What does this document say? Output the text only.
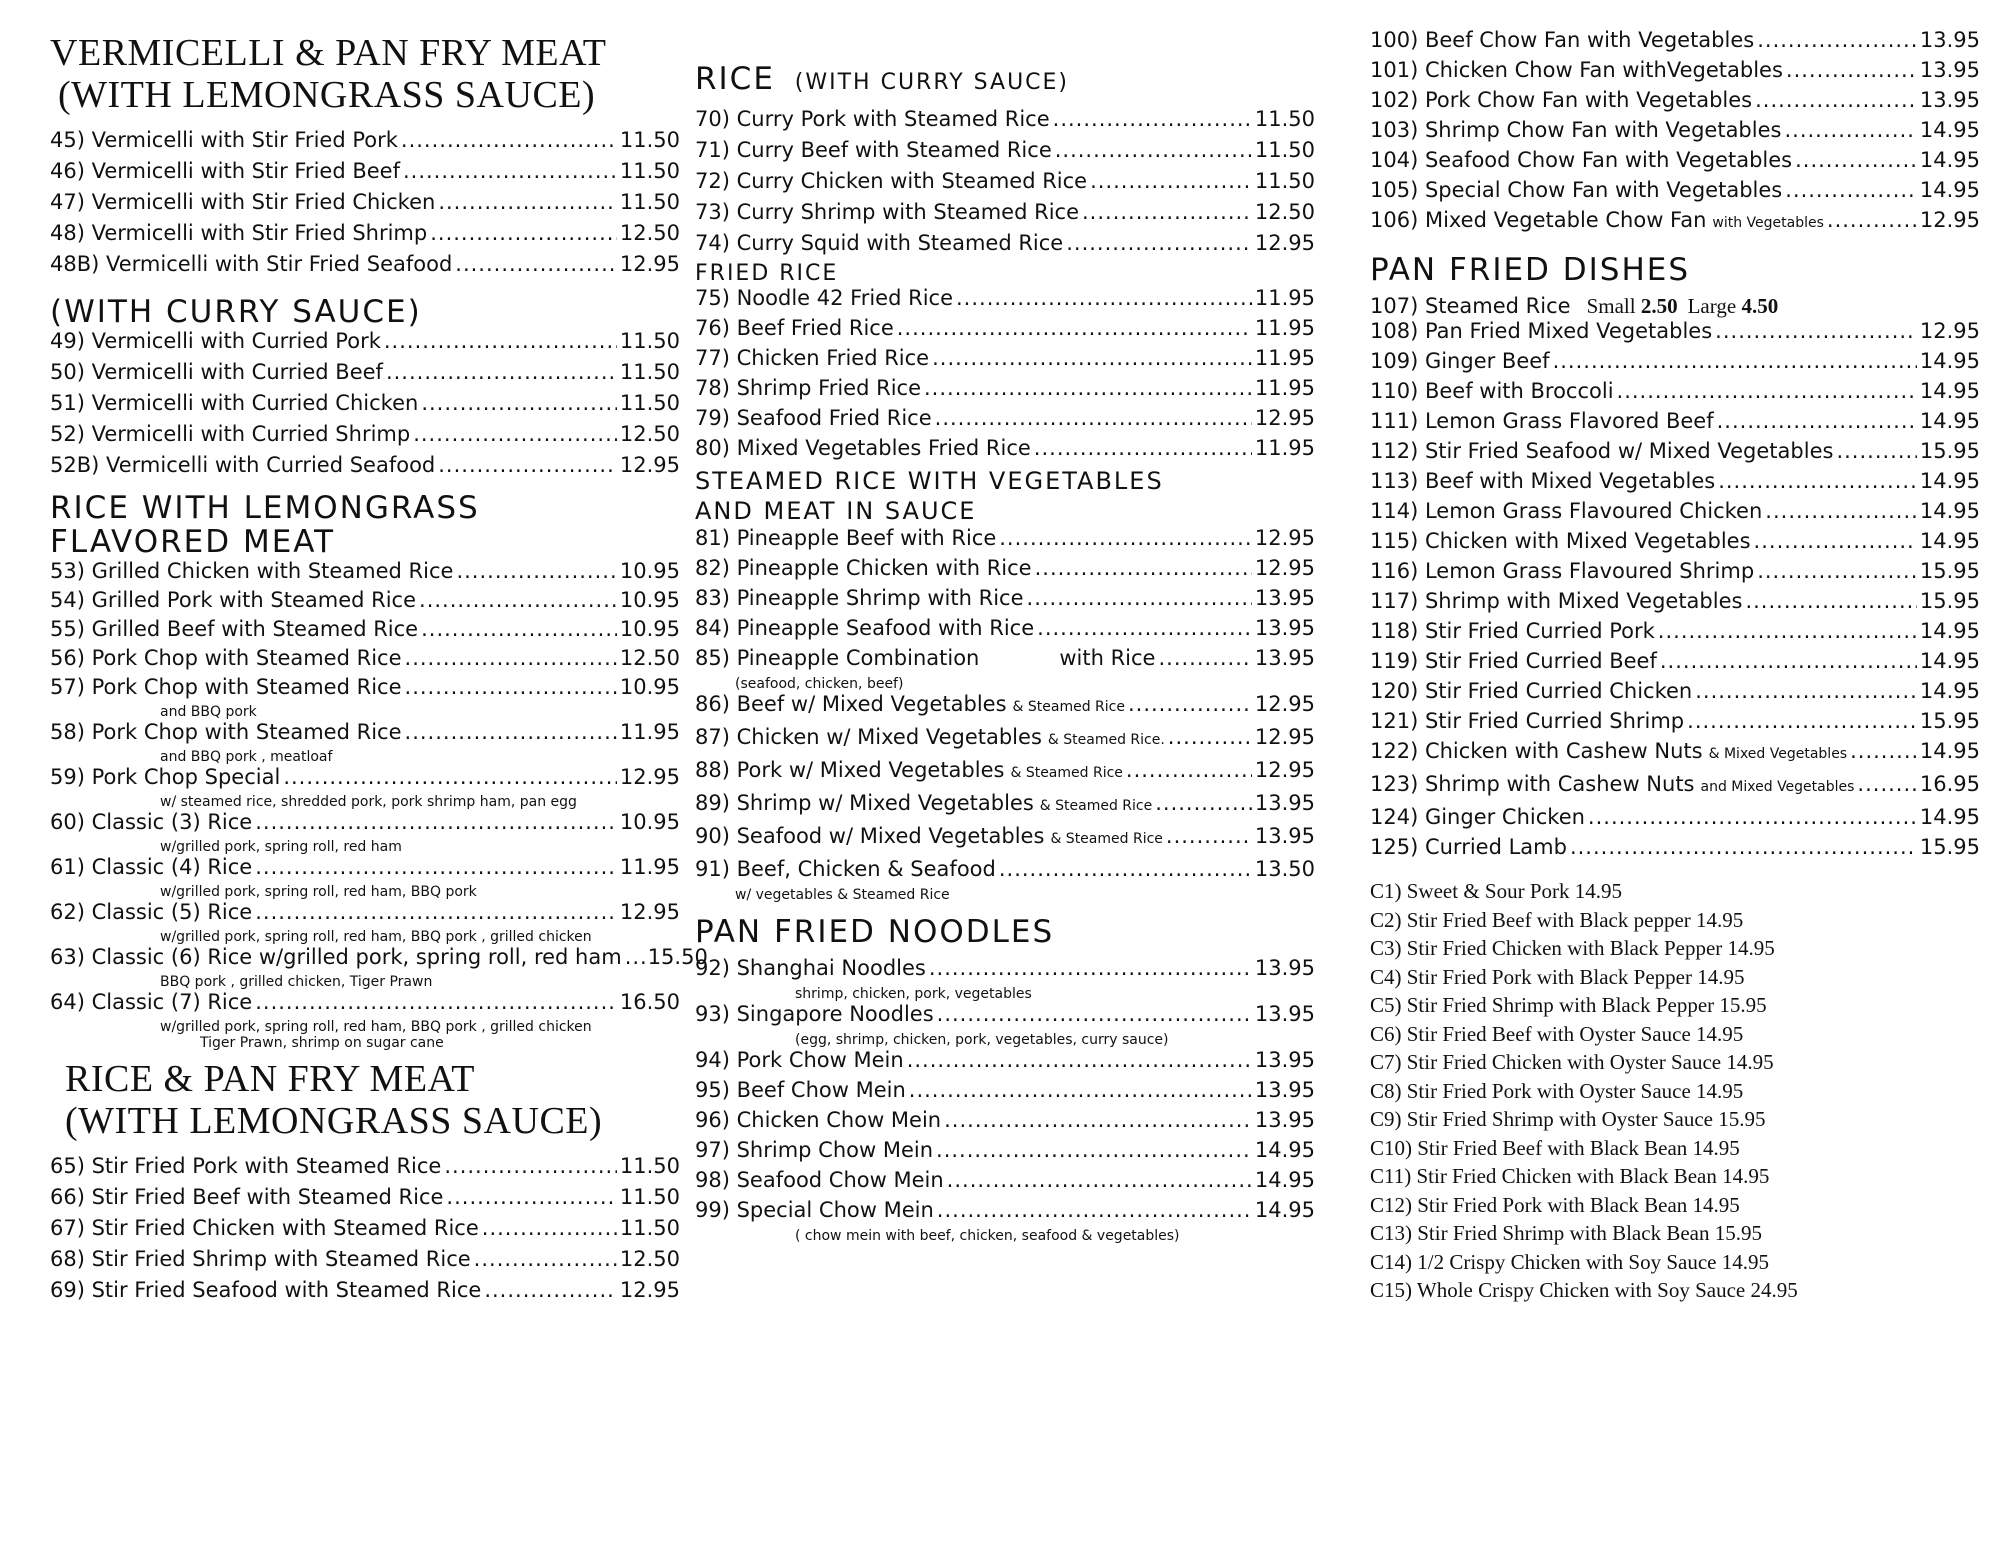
VERMICELLI & PAN FRY MEAT
(WITH LEMONGRASS SAUCE)
45) Vermicelli with Stir Fried Pork .....	11.50
46) Vermicelli with Stir Fried Beef .....	11.50
47) Vermicelli with Stir Fried Chicken .....	11.50
48) Vermicelli with Stir Fried Shrimp .....	12.50
48B) Vermicelli with Stir Fried Seafood .....	12.95
(WITH CURRY SAUCE)
49) Vermicelli with Curried Pork .....	11.50
50) Vermicelli with Curried Beef .....	11.50
51) Vermicelli with Curried Chicken .....	11.50
52) Vermicelli with Curried Shrimp .....	12.50
52B) Vermicelli with Curried Seafood .....	12.95
RICE WITH LEMONGRASS
FLAVORED MEAT
53) Grilled Chicken with Steamed Rice .....	10.95
54) Grilled Pork with Steamed Rice .....	10.95
55) Grilled Beef with Steamed Rice .....	10.95
56) Pork Chop with Steamed Rice .....	12.50
57) Pork Chop with Steamed Rice .....	10.95
and BBQ pork
58) Pork Chop with Steamed Rice .....	11.95
and BBQ pork , meatloaf
59) Pork Chop Special .....	12.95
w/ steamed rice, shredded pork, pork shrimp ham, pan egg
60) Classic (3) Rice .....	10.95
w/grilled pork, spring roll, red ham
61) Classic (4) Rice .....	11.95
w/grilled pork, spring roll, red ham, BBQ pork
62) Classic (5) Rice .....	12.95
w/grilled pork, spring roll, red ham, BBQ pork , grilled chicken
63) Classic (6) Rice w/grilled pork, spring roll, red ham ..... 15.50
BBQ pork , grilled chicken, Tiger Prawn
64) Classic (7) Rice .....	16.50
w/grilled pork, spring roll, red ham, BBQ pork , grilled chicken
Tiger Prawn, shrimp on sugar cane
RICE & PAN FRY MEAT
(WITH LEMONGRASS SAUCE)
65) Stir Fried Pork with Steamed Rice .....	11.50
66) Stir Fried Beef with Steamed Rice .....	11.50
67) Stir Fried Chicken with Steamed Rice .....	11.50
68) Stir Fried Shrimp with Steamed Rice .....	12.50
69) Stir Fried Seafood with Steamed Rice .....	12.95
RICE (WITH CURRY SAUCE)
70) Curry Pork with Steamed Rice .....	11.50
71) Curry Beef with Steamed Rice .....	11.50
72) Curry Chicken with Steamed Rice .....	11.50
73) Curry Shrimp with Steamed Rice .....	12.50
74) Curry Squid with Steamed Rice .....	12.95
FRIED RICE
75) Noodle 42 Fried Rice .....	11.95
76) Beef Fried Rice .....	11.95
77) Chicken Fried Rice .....	11.95
78) Shrimp Fried Rice .....	11.95
79) Seafood Fried Rice .....	12.95
80) Mixed Vegetables Fried Rice .....	11.95
STEAMED RICE WITH VEGETABLES
AND MEAT IN SAUCE
81) Pineapple Beef with Rice .....	12.95
82) Pineapple Chicken with Rice .....	12.95
83) Pineapple Shrimp with Rice .....	13.95
84) Pineapple Seafood with Rice .....	13.95
85) Pineapple Combination	with Rice .....	13.95
(seafood, chicken, beef)
86) Beef w/ Mixed Vegetables & Steamed Rice .....	12.95
87) Chicken w/ Mixed Vegetables & Steamed Rice. .....	12.95
88) Pork w/ Mixed Vegetables & Steamed Rice .....	12.95
89) Shrimp w/ Mixed Vegetables & Steamed Rice .....	13.95
90) Seafood w/ Mixed Vegetables & Steamed Rice .....	13.95
91) Beef, Chicken & Seafood .....	13.50
w/ vegetables & Steamed Rice
PAN FRIED NOODLES
92) Shanghai Noodles .....	13.95
shrimp, chicken, pork, vegetables
93) Singapore Noodles .....	13.95
(egg, shrimp, chicken, pork, vegetables, curry sauce)
94) Pork Chow Mein .....	13.95
95) Beef Chow Mein .....	13.95
96) Chicken Chow Mein .....	13.95
97) Shrimp Chow Mein .....	14.95
98) Seafood Chow Mein .....	14.95
99) Special Chow Mein .....	14.95
( chow mein with beef, chicken, seafood & vegetables)
100) Beef Chow Fan with Vegetables .....	13.95
101) Chicken Chow Fan withVegetables .....	13.95
102) Pork Chow Fan with Vegetables .....	13.95
103) Shrimp Chow Fan with Vegetables .....	14.95
104) Seafood Chow Fan with Vegetables .....	14.95
105) Special Chow Fan with Vegetables .....	14.95
106) Mixed Vegetable Chow Fan with Vegetables .....	12.95
PAN FRIED DISHES
107) Steamed Rice Small 2.50 Large 4.50
108) Pan Fried Mixed Vegetables .....	12.95
109) Ginger Beef .....	14.95
110) Beef with Broccoli .....	14.95
111) Lemon Grass Flavored Beef .....	14.95
112) Stir Fried Seafood w/ Mixed Vegetables .....	15.95
113) Beef with Mixed Vegetables .....	14.95
114) Lemon Grass Flavoured Chicken .....	14.95
115) Chicken with Mixed Vegetables .....	14.95
116) Lemon Grass Flavoured Shrimp .....	15.95
117) Shrimp with Mixed Vegetables .....	15.95
118) Stir Fried Curried Pork .....	14.95
119) Stir Fried Curried Beef .....	14.95
120) Stir Fried Curried Chicken .....	14.95
121) Stir Fried Curried Shrimp .....	15.95
122) Chicken with Cashew Nuts & Mixed Vegetables .....	14.95
123) Shrimp with Cashew Nuts and Mixed Vegetables .....	16.95
124) Ginger Chicken .....	14.95
125) Curried Lamb .....	15.95
C1) Sweet & Sour Pork 14.95
C2) Stir Fried Beef with Black pepper 14.95
C3) Stir Fried Chicken with Black Pepper 14.95
C4) Stir Fried Pork with Black Pepper 14.95
C5) Stir Fried Shrimp with Black Pepper 15.95
C6) Stir Fried Beef with Oyster Sauce 14.95
C7) Stir Fried Chicken with Oyster Sauce 14.95
C8) Stir Fried Pork with Oyster Sauce 14.95
C9) Stir Fried Shrimp with Oyster Sauce 15.95
C10) Stir Fried Beef with Black Bean 14.95
C11) Stir Fried Chicken with Black Bean 14.95
C12) Stir Fried Pork with Black Bean 14.95
C13) Stir Fried Shrimp with Black Bean 15.95
C14) 1/2 Crispy Chicken with Soy Sauce 14.95
C15) Whole Crispy Chicken with Soy Sauce 24.95
